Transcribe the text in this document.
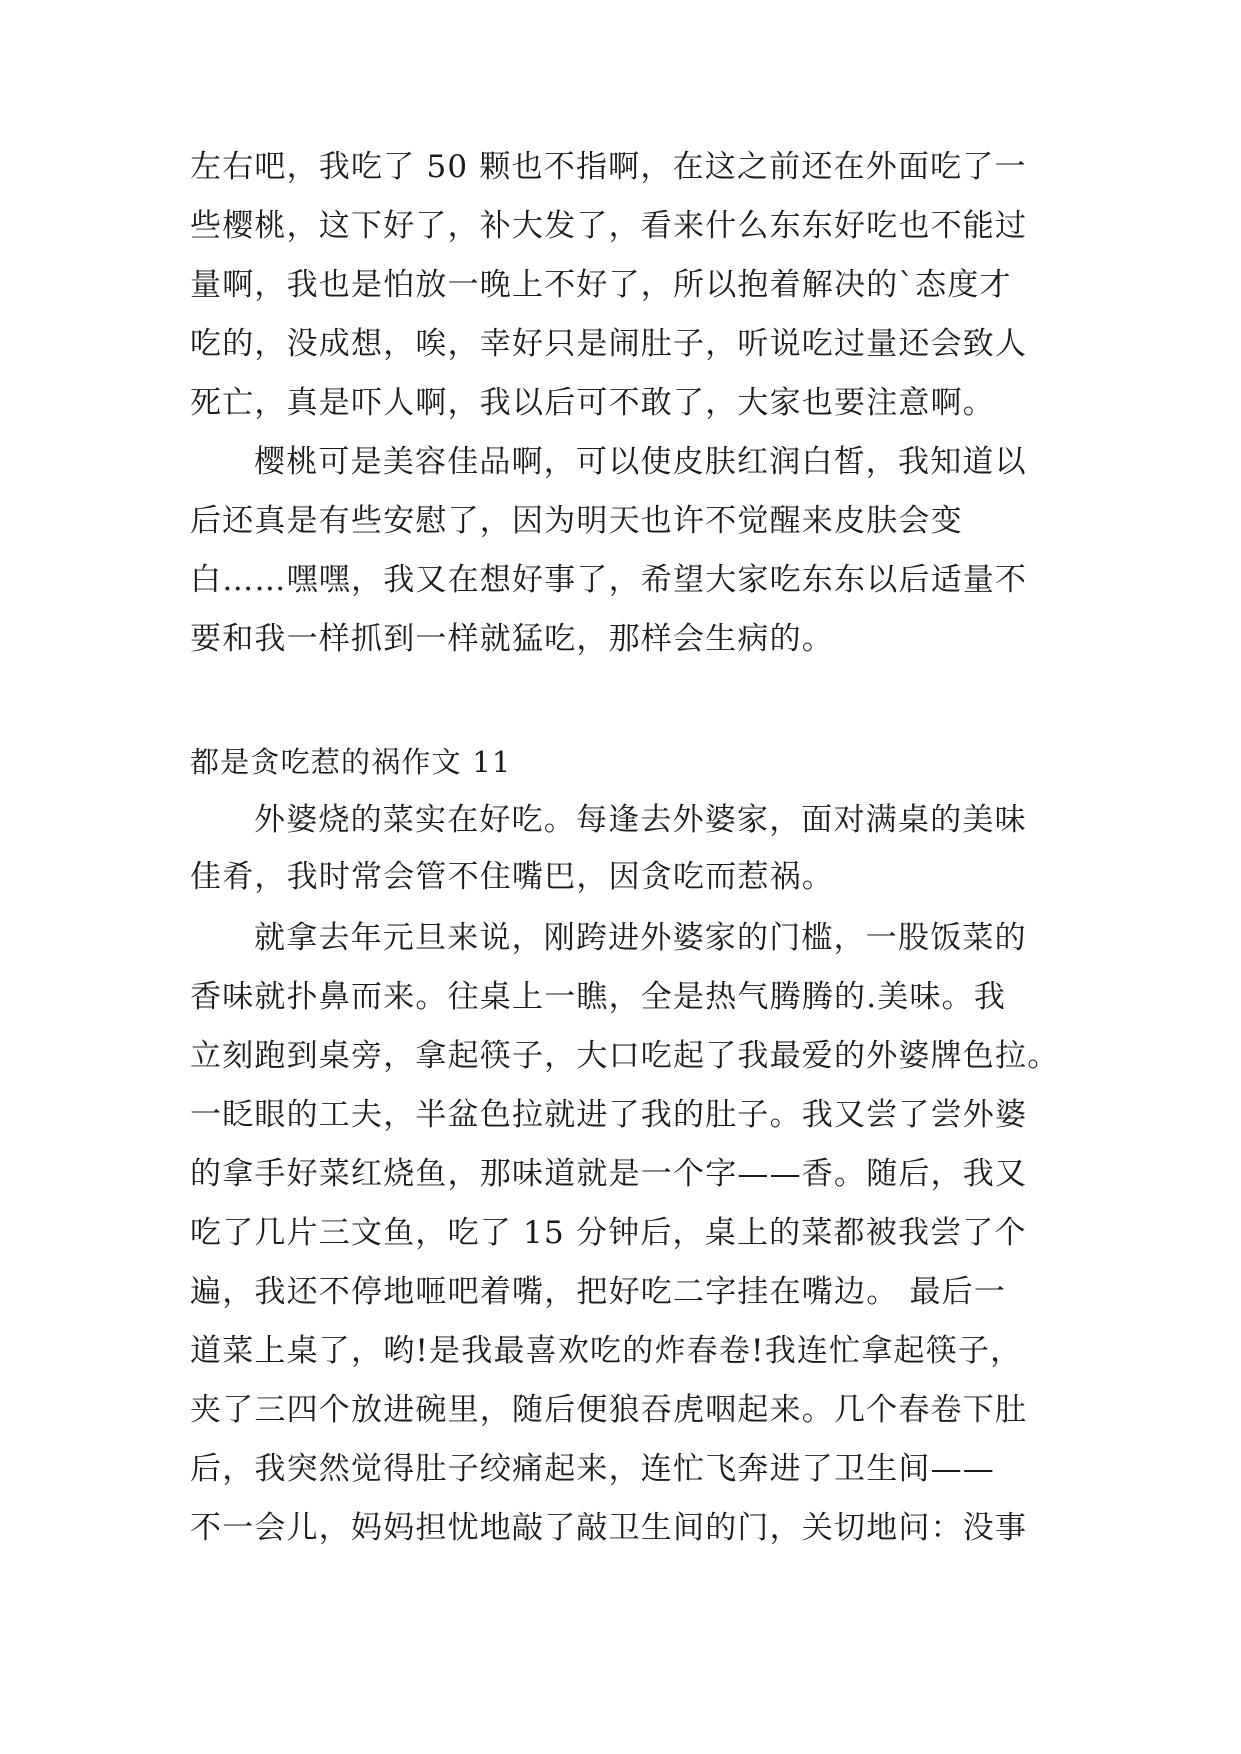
左右吧，我吃了 50 颗也不指啊，在这之前还在外面吃了一
些樱桃，这下好了，补大发了，看来什么东东好吃也不能过
量啊，我也是怕放一晚上不好了，所以抱着解决的`态度才
吃的，没成想，唉，幸好只是闹肚子，听说吃过量还会致人
死亡，真是吓人啊，我以后可不敢了，大家也要注意啊。
樱桃可是美容佳品啊，可以使皮肤红润白皙，我知道以
后还真是有些安慰了，因为明天也许不觉醒来皮肤会变
白……嘿嘿，我又在想好事了，希望大家吃东东以后适量不
要和我一样抓到一样就猛吃，那样会生病的。
都是贪吃惹的祸作文 11
外婆烧的菜实在好吃。每逢去外婆家，面对满桌的美味
佳肴，我时常会管不住嘴巴，因贪吃而惹祸。
就拿去年元旦来说，刚跨进外婆家的门槛，一股饭菜的
香味就扑鼻而来。往桌上一瞧，全是热气腾腾的.美味。我
立刻跑到桌旁，拿起筷子，大口吃起了我最爱的外婆牌色拉。
一眨眼的工夫，半盆色拉就进了我的肚子。我又尝了尝外婆
的拿手好菜红烧鱼，那味道就是一个字——香。随后，我又
吃了几片三文鱼，吃了 15 分钟后，桌上的菜都被我尝了个
遍，我还不停地咂吧着嘴，把好吃二字挂在嘴边。 最后一
道菜上桌了，哟!是我最喜欢吃的炸春卷!我连忙拿起筷子，
夹了三四个放进碗里，随后便狼吞虎咽起来。几个春卷下肚
后，我突然觉得肚子绞痛起来，连忙飞奔进了卫生间——
不一会儿，妈妈担忧地敲了敲卫生间的门，关切地问：没事
